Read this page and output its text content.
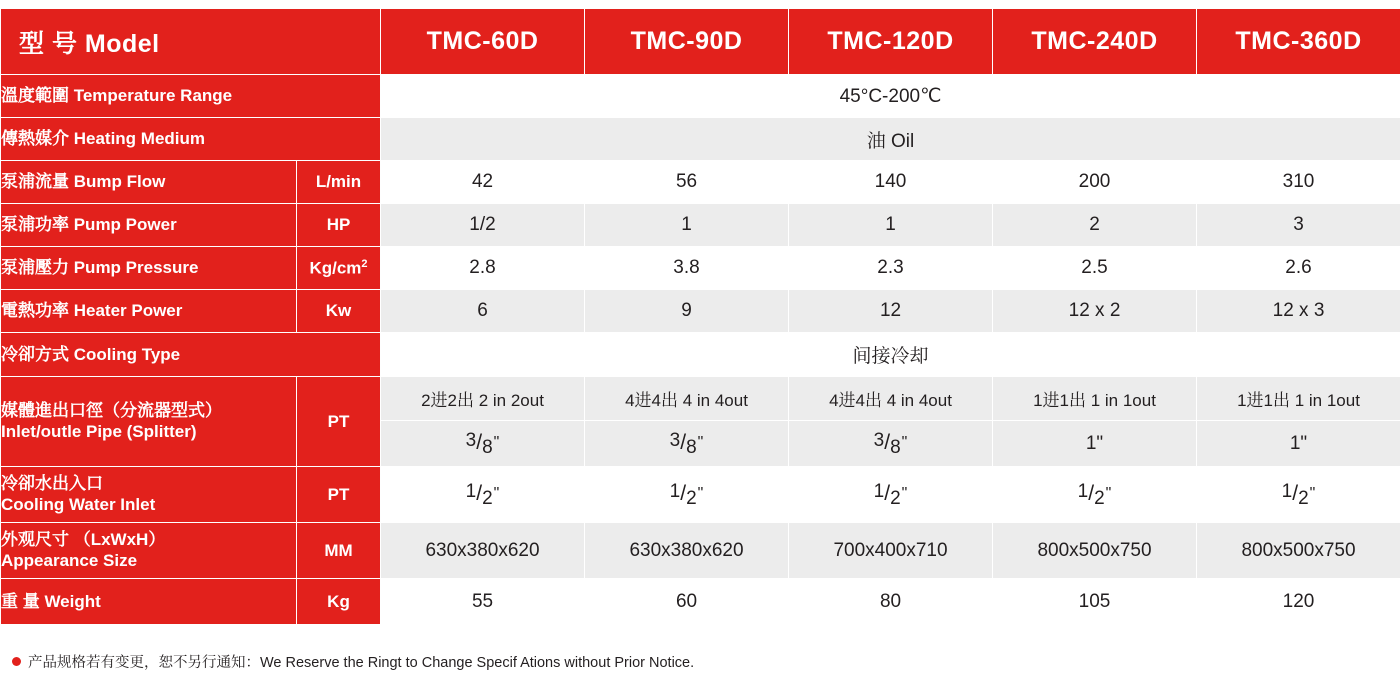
型 号 Model		TMC-60D	TMC-90D	TMC-120D	TMC-240D	TMC-360D
溫度範圍 Temperature Range		45°C-200℃				
傳熱媒介 Heating Medium		油 Oil				
泵浦流量 Bump Flow	L/min	42	56	140	200	310
泵浦功率 Pump Power	HP	1/2	1	1	2	3
泵浦壓力 Pump Pressure	$Kg/cm^2$	2.8	3.8	2.3	2.5	2.6
電熱功率 Heater Power	Kw	6	9	12	12 x 2	12 x 3
冷卻方式 Cooling Type		间接冷却				

媒體進出口徑（分流器型式）
Inlet/outle Pipe (Splitter)	PT	2进2出 2 in 2out	4进4出 4 in 4out	4进4出 4 in 4out	1进1出 1 in 1out	1进1出 1 in 1out
		3/8"	3/8"	3/8"	1"	1"

冷卻水出入口
Cooling Water Inlet	PT	1/2"	1/2"	1/2"	1/2"	1/2"

外观尺寸 （LxWxH）
Appearance Size	MM	630x380x620	630x380x620	700x400x710	800x500x750	800x500x750
重 量 Weight	Kg	55	60	80	105	120
产品规格若有变更，恕不另行通知：We Reserve the Ringt to Change Specif Ations without Prior Notice.
